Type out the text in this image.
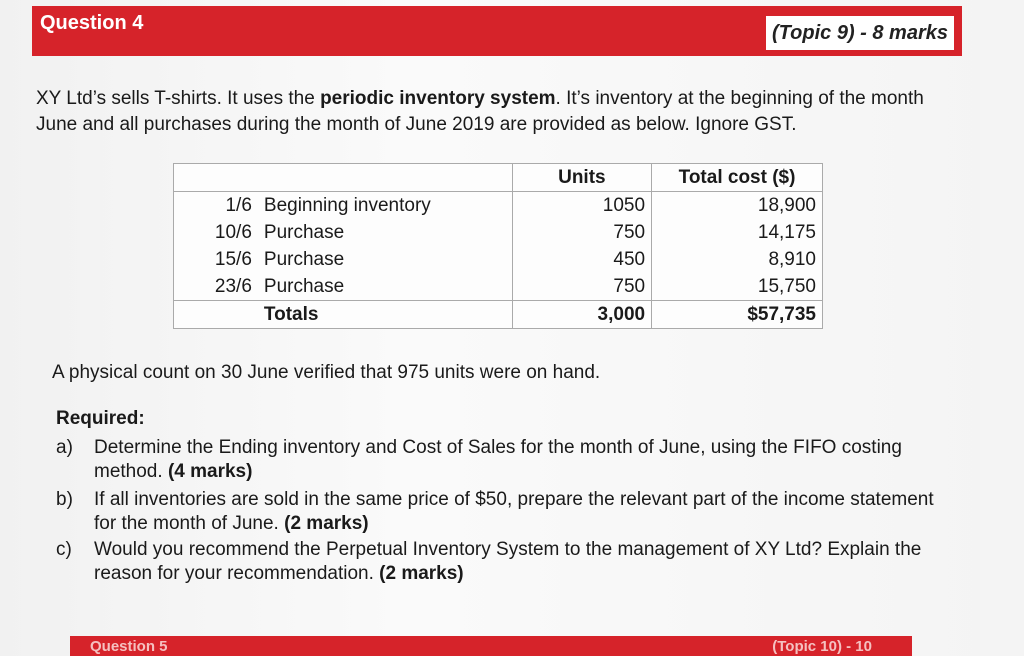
Question 4	(Topic 9) - 8 marks
XY Ltd’s sells T-shirts. It uses the periodic inventory system. It’s inventory at the beginning of the month June and all purchases during the month of June 2019 are provided as below. Ignore GST.
		Units	Total cost ($)
1/6	Beginning inventory	1050	18,900
10/6	Purchase	750	14,175
15/6	Purchase	450	8,910
23/6	Purchase	750	15,750
	Totals	3,000	$57,735
A physical count on 30 June verified that 975 units were on hand.
Required:
a)	Determine the Ending inventory and Cost of Sales for the month of June, using the FIFO costing method. (4 marks)
b)	If all inventories are sold in the same price of $50, prepare the relevant part of the income statement for the month of June. (2 marks)
c)	Would you recommend the Perpetual Inventory System to the management of XY Ltd? Explain the reason for your recommendation. (2 marks)
Question 5	(Topic 10) - 10
